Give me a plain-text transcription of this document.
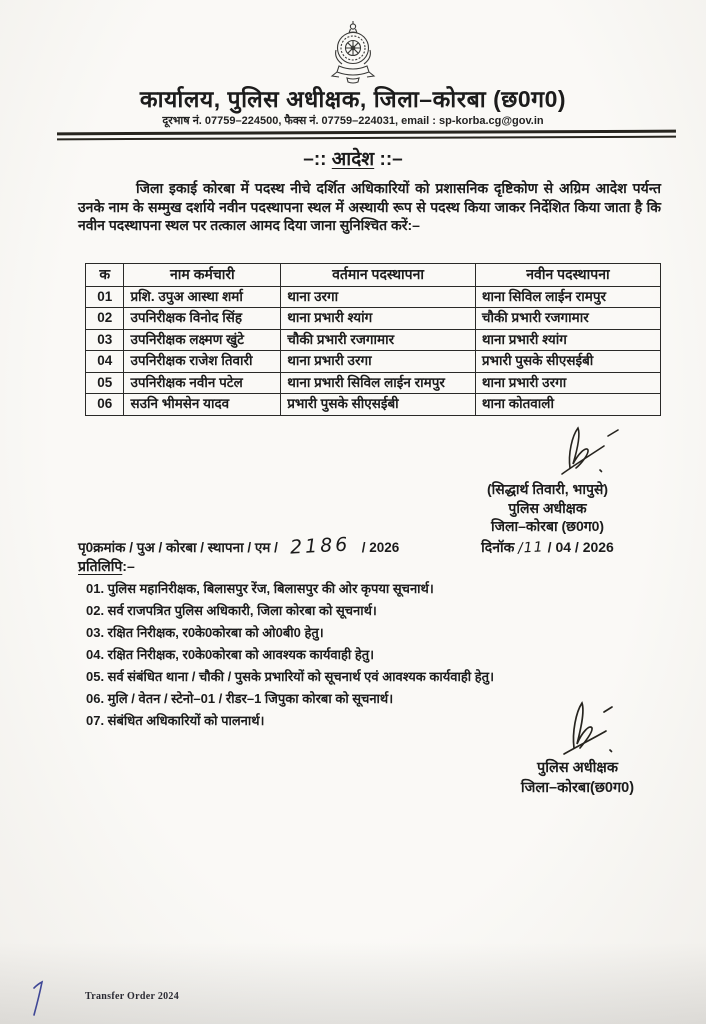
कार्यालय, पुलिस अधीक्षक, जिला–कोरबा (छ0ग0)
दूरभाष नं. 07759–224500, फैक्स नं. 07759–224031, email : sp-korba.cg@gov.in
–:: आदेश ::–
जिला इकाई कोरबा में पदस्थ नीचे दर्शित अधिकारियों को प्रशासनिक दृष्टिकोण से अग्रिम आदेश पर्यन्त उनके नाम के सम्मुख दर्शाये नवीन पदस्थापना स्थल में अस्थायी रूप से पदस्थ किया जाकर निर्देशित किया जाता है कि नवीन पदस्थापना स्थल पर तत्काल आमद दिया जाना सुनिश्चित करें:–
क	नाम कर्मचारी	वर्तमान पदस्थापना	नवीन पदस्थापना
01	प्रशि. उपुअ आस्था शर्मा	थाना उरगा	थाना सिविल लाईन रामपुर
02	उपनिरीक्षक विनोद सिंह	थाना प्रभारी श्यांग	चौकी प्रभारी रजगामार
03	उपनिरीक्षक लक्ष्मण खुंटे	चौकी प्रभारी रजगामार	थाना प्रभारी श्यांग
04	उपनिरीक्षक राजेश तिवारी	थाना प्रभारी उरगा	प्रभारी पुसके सीएसईबी
05	उपनिरीक्षक नवीन पटेल	थाना प्रभारी सिविल लाईन रामपुर	थाना प्रभारी उरगा
06	सउनि भीमसेन यादव	प्रभारी पुसके सीएसईबी	थाना कोतवाली
(सिद्धार्थ तिवारी, भापुसे)
पुलिस अधीक्षक
जिला–कोरबा (छ0ग0)
दिनॉक /11 / 04 / 2026
पृ0क्रमांक / पुअ / कोरबा / स्थापना / एम / 2186 / 2026
प्रतिलिपि:–
01. पुलिस महानिरीक्षक, बिलासपुर रेंज, बिलासपुर की ओर कृपया सूचनार्थ।
02. सर्व राजपत्रित पुलिस अधिकारी, जिला कोरबा को सूचनार्थ।
03. रक्षित निरीक्षक, र0के0कोरबा को ओ0बी0 हेतु।
04. रक्षित निरीक्षक, र0के0कोरबा को आवश्यक कार्यवाही हेतु।
05. सर्व संबंधित थाना / चौकी / पुसके प्रभारियों को सूचनार्थ एवं आवश्यक कार्यवाही हेतु।
06. मुलि / वेतन / स्टेनो–01 / रीडर–1 जिपुका कोरबा को सूचनार्थ।
07. संबंधित अधिकारियों को पालनार्थ।
पुलिस अधीक्षक
जिला–कोरबा(छ0ग0)
Transfer Order 2024
